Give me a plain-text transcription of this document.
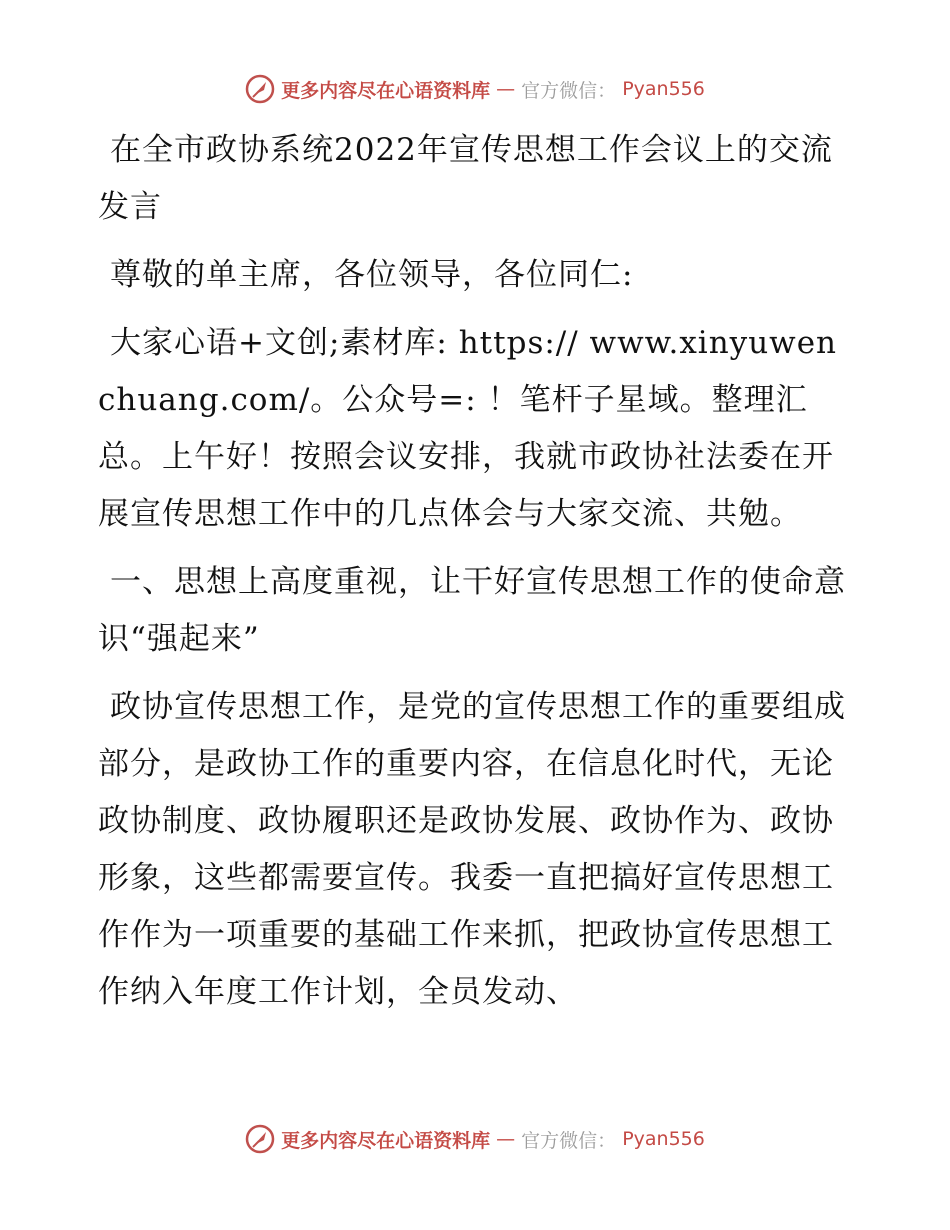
更多内容尽在心语资料库 — 官方微信： Pyan556

在全市政协系统2022年宣传思想工作会议上的交流发言

尊敬的单主席，各位领导，各位同仁:

大家心语+文创;素材库: https:// www.xinyuwenchuang.com/。公众号=: ！笔杆子星域。整理汇总。上午好！按照会议安排，我就市政协社法委在开展宣传思想工作中的几点体会与大家交流、共勉。

一、思想上高度重视，让干好宣传思想工作的使命意识“强起来”

政协宣传思想工作，是党的宣传思想工作的重要组成部分，是政协工作的重要内容，在信息化时代，无论政协制度、政协履职还是政协发展、政协作为、政协形象，这些都需要宣传。我委一直把搞好宣传思想工作作为一项重要的基础工作来抓，把政协宣传思想工作纳入年度工作计划，全员发动、

更多内容尽在心语资料库 — 官方微信： Pyan556
